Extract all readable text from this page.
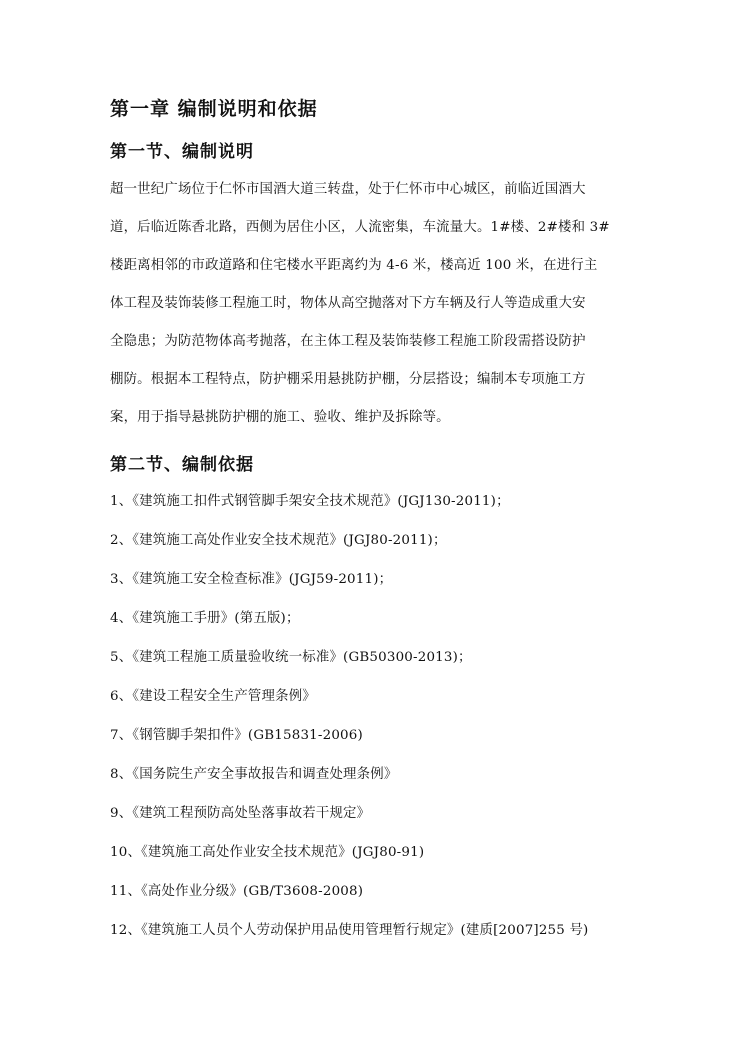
第一章 编制说明和依据
第一节、编制说明
超一世纪广场位于仁怀市国酒大道三转盘，处于仁怀市中心城区，前临近国酒大
道，后临近陈香北路，西侧为居住小区，人流密集，车流量大。1#楼、2#楼和 3#
楼距离相邻的市政道路和住宅楼水平距离约为 4-6 米，楼高近 100 米，在进行主
体工程及装饰装修工程施工时，物体从高空抛落对下方车辆及行人等造成重大安
全隐患；为防范物体高考抛落，在主体工程及装饰装修工程施工阶段需搭设防护
棚防。根据本工程特点，防护棚采用悬挑防护棚，分层搭设；编制本专项施工方
案，用于指导悬挑防护棚的施工、验收、维护及拆除等。
第二节、编制依据
1、《建筑施工扣件式钢管脚手架安全技术规范》(JGJ130-2011)；
2、《建筑施工高处作业安全技术规范》(JGJ80-2011)；
3、《建筑施工安全检查标准》(JGJ59-2011)；
4、《建筑施工手册》(第五版)；
5、《建筑工程施工质量验收统一标准》(GB50300-2013)；
6、《建设工程安全生产管理条例》
7、《钢管脚手架扣件》(GB15831-2006)
8、《国务院生产安全事故报告和调查处理条例》
9、《建筑工程预防高处坠落事故若干规定》
10、《建筑施工高处作业安全技术规范》(JGJ80-91)
11、《高处作业分级》(GB/T3608-2008)
12、《建筑施工人员个人劳动保护用品使用管理暂行规定》(建质[2007]255 号)
